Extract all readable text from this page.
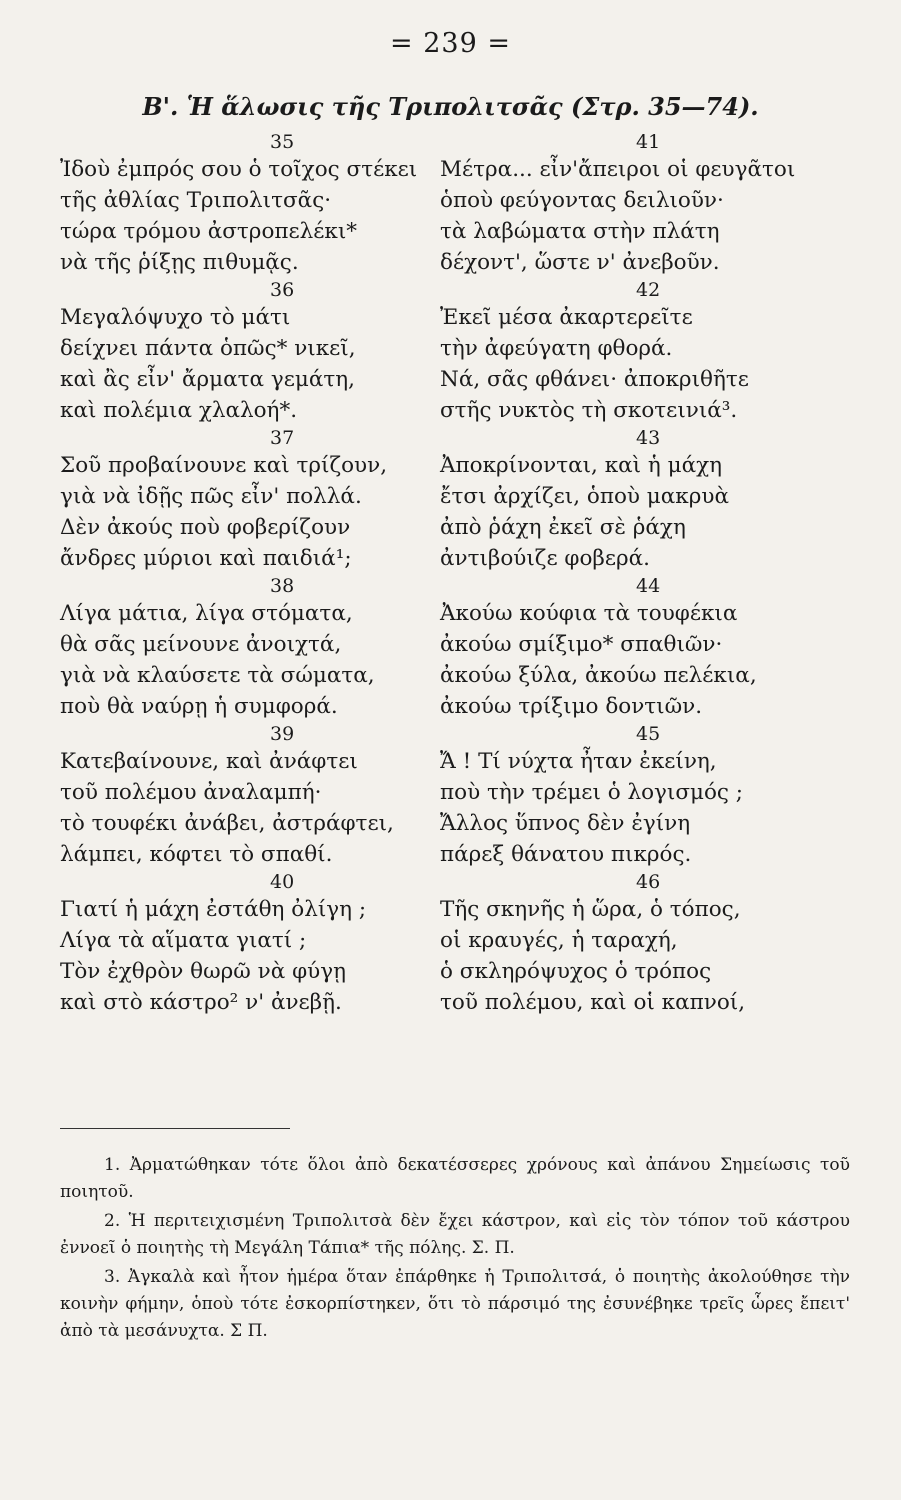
= 239 =
Β'. Ἡ ἅλωσις τῆς Τριπολιτσᾶς (Στρ. 35—74).
35
Ἰδοὺ ἐμπρός σου ὁ τοῖχος στέκει
τῆς ἀθλίας Τριπολιτσᾶς·
τώρα τρόμου ἀστροπελέκι*
νὰ τῆς ῥίξῃς πιθυμᾷς.
36
Μεγαλόψυχο τὸ μάτι
δείχνει πάντα ὁπῶς* νικεῖ,
καὶ ἂς εἶν' ἄρματα γεμάτη,
καὶ πολέμια χλαλοή*.
37
Σοῦ προβαίνουνε καὶ τρίζουν,
γιὰ νὰ ἰδῇς πῶς εἶν' πολλά.
Δὲν ἀκούς ποὺ φοβερίζουν
ἄνδρες μύριοι καὶ παιδιά¹;
38
Λίγα μάτια, λίγα στόματα,
θὰ σᾶς μείνουνε ἀνοιχτά,
γιὰ νὰ κλαύσετε τὰ σώματα,
ποὺ θὰ ναύρῃ ἡ συμφορά.
39
Κατεβαίνουνε, καὶ ἀνάφτει
τοῦ πολέμου ἀναλαμπή·
τὸ τουφέκι ἀνάβει, ἀστράφτει,
λάμπει, κόφτει τὸ σπαθί.
40
Γιατί ἡ μάχη ἐστάθη ὀλίγη ;
Λίγα τὰ αἵματα γιατί ;
Τὸν ἐχθρὸν θωρῶ νὰ φύγῃ
καὶ στὸ κάστρο² ν' ἀνεβῇ.
41
Μέτρα... εἶν'ἄπειροι οἱ φευγᾶτοι
ὁποὺ φεύγοντας δειλιοῦν·
τὰ λαβώματα στὴν πλάτη
δέχοντ', ὥστε ν' ἀνεβοῦν.
42
Ἐκεῖ μέσα ἀκαρτερεῖτε
τὴν ἀφεύγατη φθορά.
Νά, σᾶς φθάνει· ἀποκριθῆτε
στῆς νυκτὸς τὴ σκοτεινιά³.
43
Ἀποκρίνονται, καὶ ἡ μάχη
ἔτσι ἀρχίζει, ὁποὺ μακρυὰ
ἀπὸ ῥάχη ἐκεῖ σὲ ῥάχη
ἀντιβούιζε φοβερά.
44
Ἀκούω κούφια τὰ τουφέκια
ἀκούω σμίξιμο* σπαθιῶν·
ἀκούω ξύλα, ἀκούω πελέκια,
ἀκούω τρίξιμο δοντιῶν.
45
Ἄ ! Τί νύχτα ἦταν ἐκείνη,
ποὺ τὴν τρέμει ὁ λογισμός ;
Ἄλλος ὕπνος δὲν ἐγίνη
πάρεξ θάνατου πικρός.
46
Τῆς σκηνῆς ἡ ὥρα, ὁ τόπος,
οἱ κραυγές, ἡ ταραχή,
ὁ σκληρόψυχος ὁ τρόπος
τοῦ πολέμου, καὶ οἱ καπνοί,

1. Ἀρματώθηκαν τότε ὅλοι ἀπὸ δεκατέσσερες χρόνους καὶ ἀπάνου Σημείωσις τοῦ ποιητοῦ.

2. Ἡ περιτειχισμένη Τριπολιτσὰ δὲν ἔχει κάστρον, καὶ εἰς τὸν τόπον τοῦ κάστρου ἐννοεῖ ὁ ποιητὴς τὴ Μεγάλη Τάπια* τῆς πόλης. Σ. Π.

3. Ἀγκαλὰ καὶ ἦτον ἡμέρα ὅταν ἐπάρθηκε ἡ Τριπολιτσά, ὁ ποιητὴς ἀκολούθησε τὴν κοινὴν φήμην, ὁποὺ τότε ἐσκορπίστηκεν, ὅτι τὸ πάρσιμό της ἐσυνέβηκε τρεῖς ὧρες ἔπειτ' ἀπὸ τὰ μεσάνυχτα. Σ Π.
